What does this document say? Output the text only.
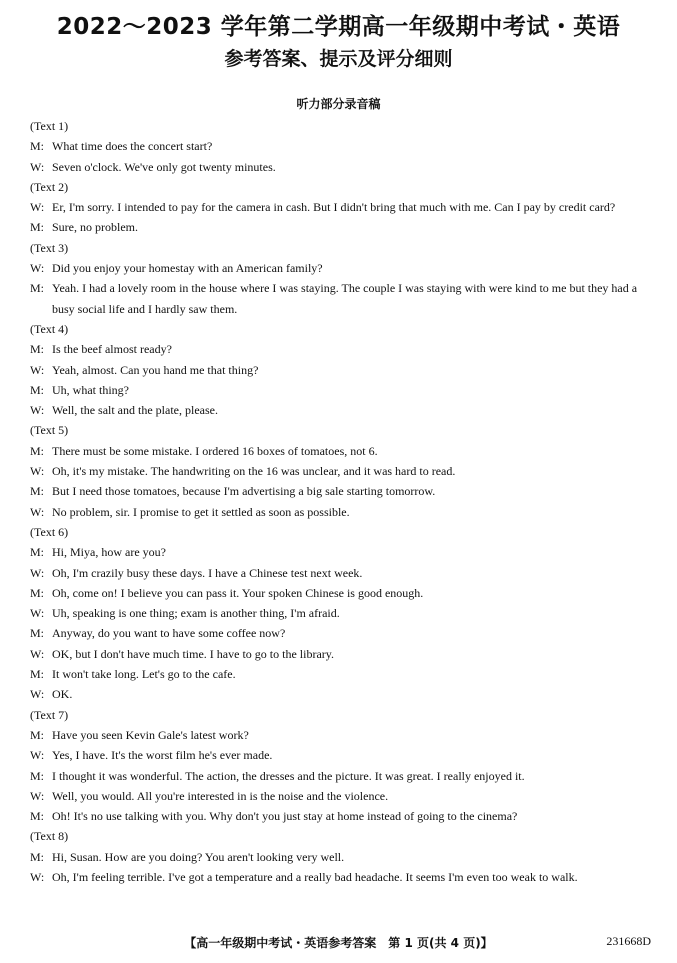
2022～2023 学年第二学期高一年级期中考试・英语
参考答案、提示及评分细则
听力部分录音稿
(Text 1)
M: What time does the concert start?
W: Seven o'clock. We've only got twenty minutes.
(Text 2)
W: Er, I'm sorry. I intended to pay for the camera in cash. But I didn't bring that much with me. Can I pay by credit card?
M: Sure, no problem.
(Text 3)
W: Did you enjoy your homestay with an American family?
M: Yeah. I had a lovely room in the house where I was staying. The couple I was staying with were kind to me but they had a busy social life and I hardly saw them.
(Text 4)
M: Is the beef almost ready?
W: Yeah, almost. Can you hand me that thing?
M: Uh, what thing?
W: Well, the salt and the plate, please.
(Text 5)
M: There must be some mistake. I ordered 16 boxes of tomatoes, not 6.
W: Oh, it's my mistake. The handwriting on the 16 was unclear, and it was hard to read.
M: But I need those tomatoes, because I'm advertising a big sale starting tomorrow.
W: No problem, sir. I promise to get it settled as soon as possible.
(Text 6)
M: Hi, Miya, how are you?
W: Oh, I'm crazily busy these days. I have a Chinese test next week.
M: Oh, come on! I believe you can pass it. Your spoken Chinese is good enough.
W: Uh, speaking is one thing; exam is another thing, I'm afraid.
M: Anyway, do you want to have some coffee now?
W: OK, but I don't have much time. I have to go to the library.
M: It won't take long. Let's go to the cafe.
W: OK.
(Text 7)
M: Have you seen Kevin Gale's latest work?
W: Yes, I have. It's the worst film he's ever made.
M: I thought it was wonderful. The action, the dresses and the picture. It was great. I really enjoyed it.
W: Well, you would. All you're interested in is the noise and the violence.
M: Oh! It's no use talking with you. Why don't you just stay at home instead of going to the cinema?
(Text 8)
M: Hi, Susan. How are you doing? You aren't looking very well.
W: Oh, I'm feeling terrible. I've got a temperature and a really bad headache. It seems I'm even too weak to walk.
【高一年级期中考试・英语参考答案　第 1 页(共 4 页)】	231668D
